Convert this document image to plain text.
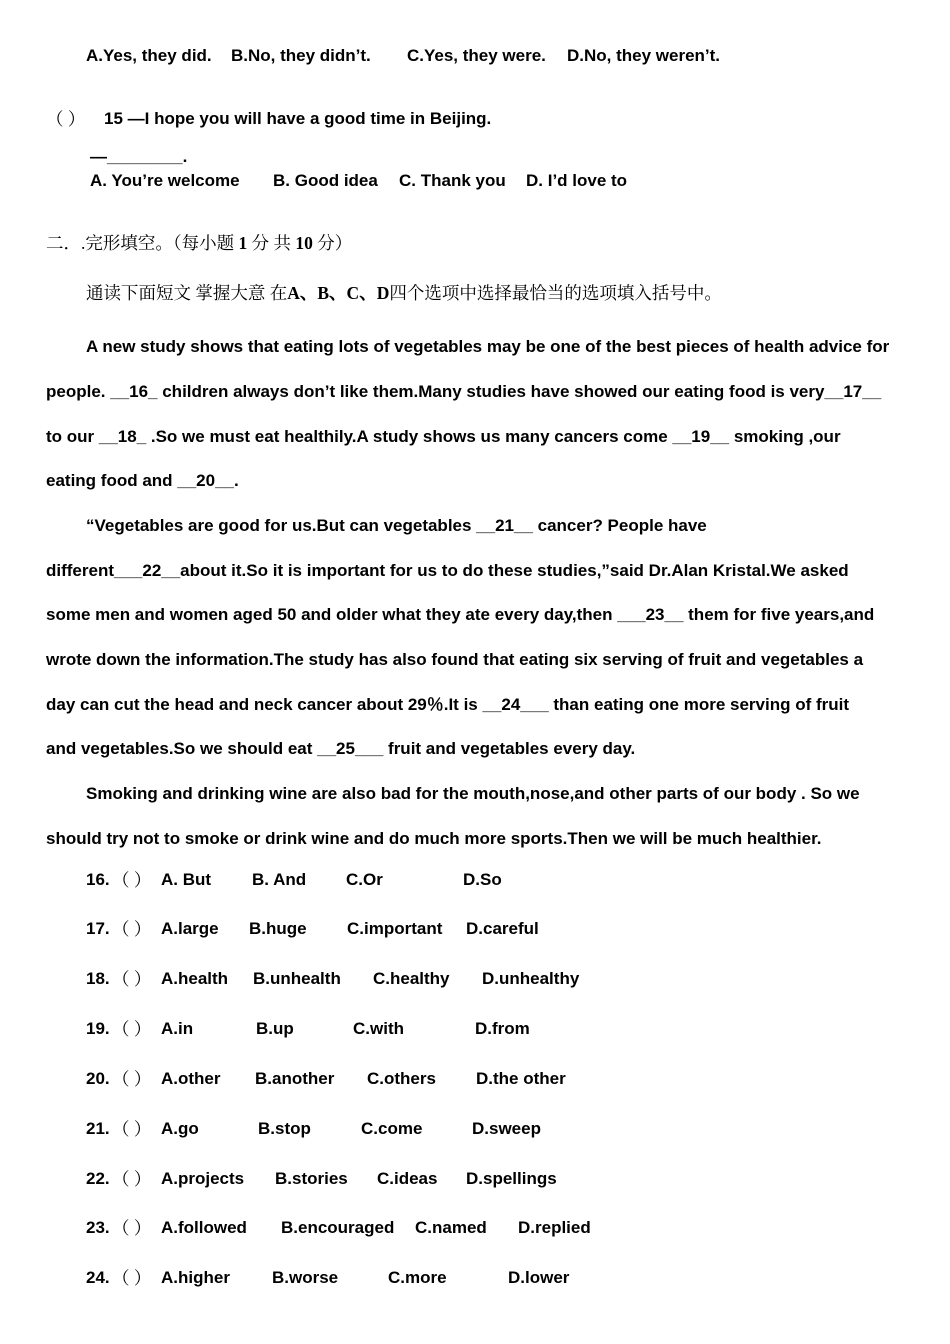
A.Yes, they did. B.No, they didn’t. C.Yes, they were. D.No, they weren’t.
（ ） 15 —I hope you will have a good time in Beijing.
—________.
A. You’re welcome B. Good idea C. Thank you D. I’d love to
二．.完形填空。（每小题 1 分 共 10 分）
通读下面短文 掌握大意 在A、B、C、D四个选项中选择最恰当的选项填入括号中。
A new study shows that eating lots of vegetables may be one of the best pieces of health advice for
people. __16_ children always don’t like them.Many studies have showed our eating food is very__17__
to our __18_ .So we must eat healthily.A study shows us many cancers come __19__ smoking ,our
eating food and __20__.
“Vegetables are good for us.But can vegetables __21__ cancer? People have
different___22__about it.So it is important for us to do these studies,”said Dr.Alan Kristal.We asked
some men and women aged 50 and older what they ate every day,then ___23__ them for five years,and
wrote down the information.The study has also found that eating six serving of fruit and vegetables a
day can cut the head and neck cancer about 29％.It is __24___ than eating one more serving of fruit
and vegetables.So we should eat __25___ fruit and vegetables every day.
Smoking and drinking wine are also bad for the mouth,nose,and other parts of our body . So we
should try not to smoke or drink wine and do much more sports.Then we will be much healthier.
16. （ ） A. But B. And C.Or	D.So
17. （ ） A.large B.huge C.important D.careful
18. （ ） A.health B.unhealth C.healthy D.unhealthy
19. （ ） A.in	B.up	C.with	D.from
20. （ ） A.other B.another C.others D.the other
21. （ ） A.go	B.stop	C.come	D.sweep
22. （ ） A.projects B.stories C.ideas D.spellings
23. （ ） A.followed B.encouraged C.named D.replied
24. （ ） A.higher B.worse	C.more	D.lower
